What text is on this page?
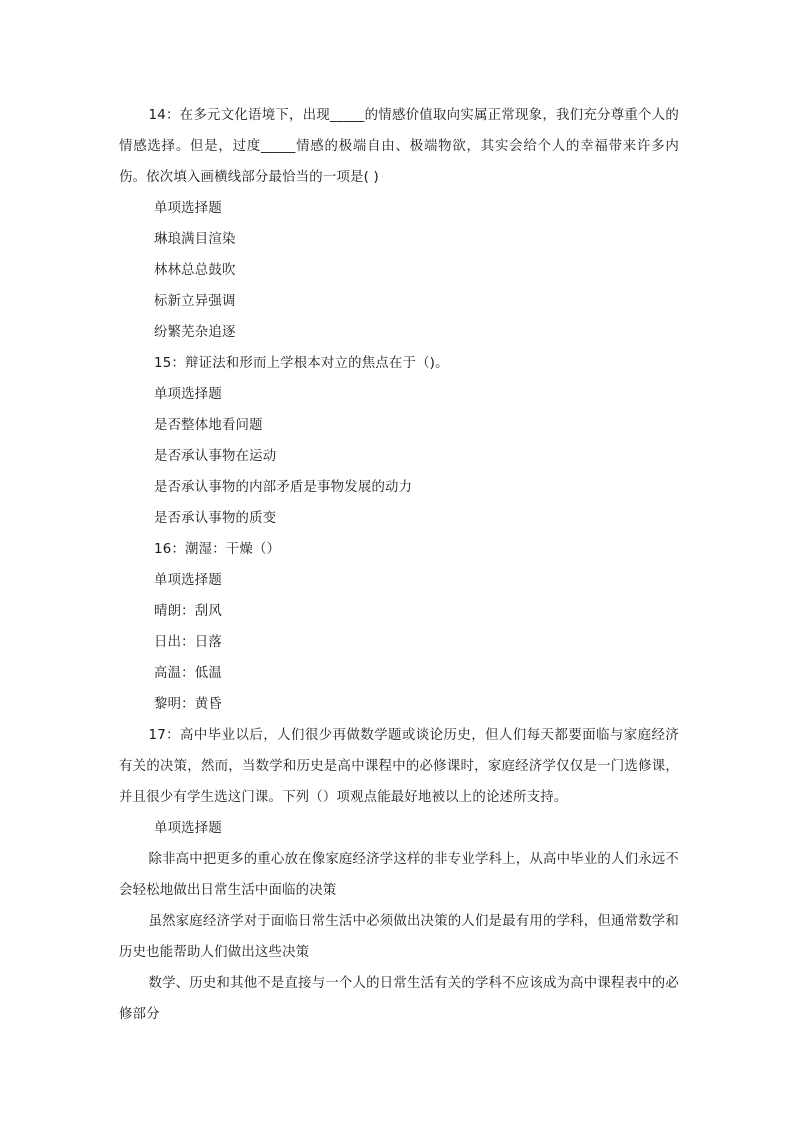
14：在多元文化语境下，出现_____的情感价值取向实属正常现象，我们充分尊重个人的情感选择。但是，过度_____情感的极端自由、极端物欲，其实会给个人的幸福带来许多内伤。依次填入画横线部分最恰当的一项是( )

单项选择题

琳琅满目渲染

林林总总鼓吹

标新立异强调

纷繁芜杂追逐

15：辩证法和形而上学根本对立的焦点在于（)。

单项选择题

是否整体地看问题

是否承认事物在运动

是否承认事物的内部矛盾是事物发展的动力

是否承认事物的质变

16：潮湿：干燥（）

单项选择题

晴朗：刮风

日出：日落

高温：低温

黎明：黄昏

17：高中毕业以后，人们很少再做数学题或谈论历史，但人们每天都要面临与家庭经济有关的决策，然而，当数学和历史是高中课程中的必修课时，家庭经济学仅仅是一门选修课，并且很少有学生选这门课。下列（）项观点能最好地被以上的论述所支持。

单项选择题

除非高中把更多的重心放在像家庭经济学这样的非专业学科上，从高中毕业的人们永远不会轻松地做出日常生活中面临的决策

虽然家庭经济学对于面临日常生活中必须做出决策的人们是最有用的学科，但通常数学和历史也能帮助人们做出这些决策

数学、历史和其他不是直接与一个人的日常生活有关的学科不应该成为高中课程表中的必修部分
